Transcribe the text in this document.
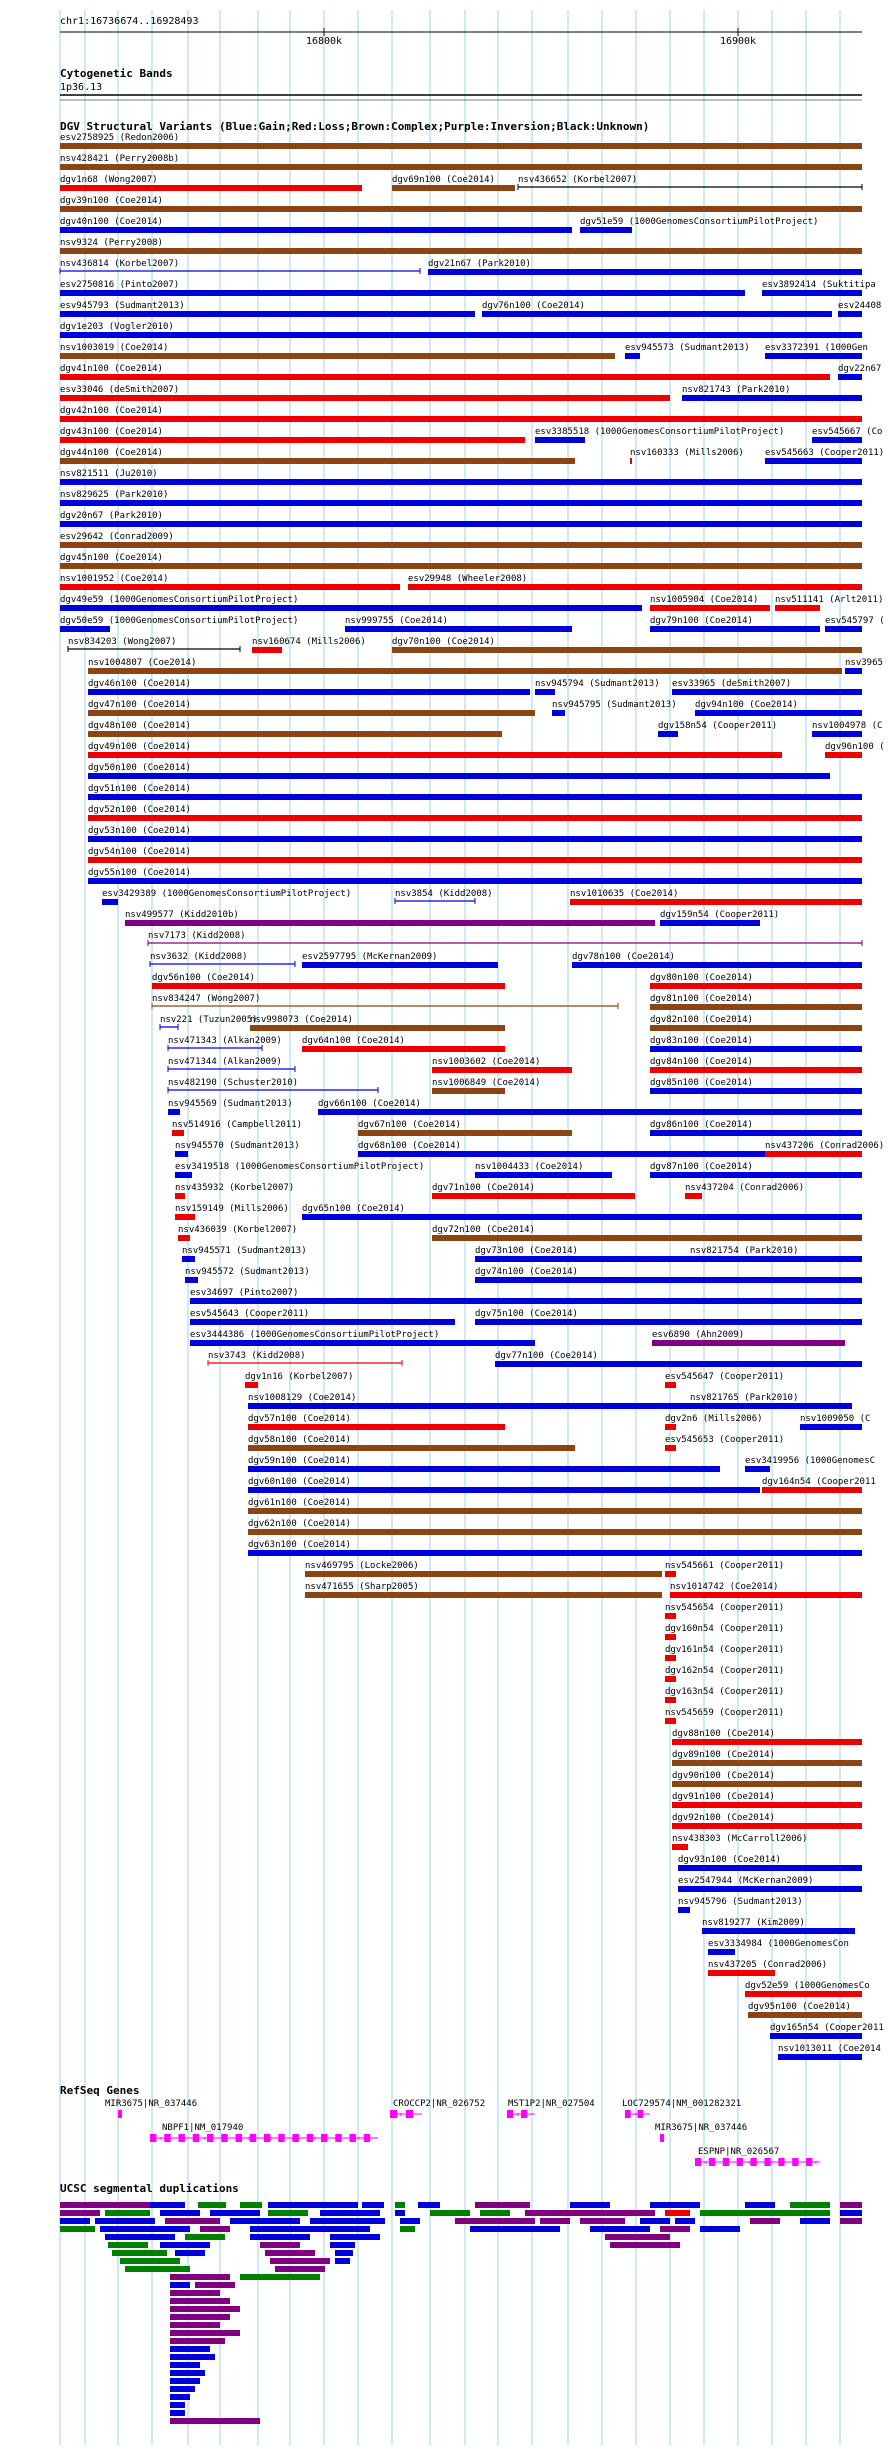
chr1:16736674..16928493
16800k	16900k
Cytogenetic Bands
1p36.13
DGV Structural Variants (Blue:Gain;Red:Loss;Brown:Complex;Purple:Inversion;Black:Unknown)
esv2758925 (Redon2006)
nsv428421 (Perry2008b)
dgv1n68 (Wong2007)	dgv69n100 (Coe2014)	nsv436652 (Korbel2007)
dgv39n100 (Coe2014)
dgv40n100 (Coe2014)	dgv51e59 (1000GenomesConsortiumPilotProject)
nsv9324 (Perry2008)
nsv436814 (Korbel2007)	dgv21n67 (Park2010)
esv2750816 (Pinto2007)	esv3892414 (Suktitipa
esv945793 (Sudmant2013)	dgv76n100 (Coe2014)	esv24408
dgv1e203 (Vogler2010)
nsv1003019 (Coe2014)	esv945573 (Sudmant2013) esv3372391 (1000Gen
dgv41n100 (Coe2014)	dgv22n67
esv33046 (deSmith2007)	nsv821743 (Park2010)
dgv42n100 (Coe2014)
dgv43n100 (Coe2014)	esv3385518 (1000GenomesConsortiumPilotProject)	esv545667 (Co
dgv44n100 (Coe2014)	nsv160333 (Mills2006) esv545663 (Cooper2011)
nsv821511 (Ju2010)
nsv829625 (Park2010)
dgv20n67 (Park2010)
esv29642 (Conrad2009)
dgv45n100 (Coe2014)
nsv1001952 (Coe2014)	esv29948 (Wheeler2008)
dgv49e59 (1000GenomesConsortiumPilotProject)	nsv1005904 (Coe2014) nsv511141 (Arlt2011)
dgv50e59 (1000GenomesConsortiumPilotProject)	nsv999755 (Coe2014)	dgv79n100 (Coe2014)	esv545797 (
nsv834203 (Wong2007)	nsv160674 (Mills2006)	dgv70n100 (Coe2014)
nsv1004807 (Coe2014)	nsv3965
dgv46n100 (Coe2014)	nsv945794 (Sudmant2013) esv33965 (deSmith2007)
dgv47n100 (Coe2014)	nsv945795 (Sudmant2013) dgv94n100 (Coe2014)
dgv48n100 (Coe2014)	dgv158n54 (Cooper2011)	nsv1004978 (C
dgv49n100 (Coe2014)	dgv96n100 (
dgv50n100 (Coe2014)
dgv51n100 (Coe2014)
dgv52n100 (Coe2014)
dgv53n100 (Coe2014)
dgv54n100 (Coe2014)
dgv55n100 (Coe2014)
esv3429389 (1000GenomesConsortiumPilotProject)	nsv3854 (Kidd2008)	nsv1010635 (Coe2014)
nsv499577 (Kidd2010b)	dgv159n54 (Cooper2011)
nsv7173 (Kidd2008)
nsv3632 (Kidd2008)	esv2597795 (McKernan2009)	dgv78n100 (Coe2014)
dgv56n100 (Coe2014)	dgv80n100 (Coe2014)
nsv834247 (Wong2007)	dgv81n100 (Coe2014)
nsv221 (Tuzun2005)
nsv998073 (Coe2014)	dgv82n100 (Coe2014)
nsv471343 (Alkan2009) dgv64n100 (Coe2014)	dgv83n100 (Coe2014)
nsv471344 (Alkan2009)	nsv1003602 (Coe2014)	dgv84n100 (Coe2014)
nsv482190 (Schuster2010)	nsv1006849 (Coe2014)	dgv85n100 (Coe2014)
nsv945569 (Sudmant2013)	dgv66n100 (Coe2014)
nsv514916 (Campbell2011)	dgv67n100 (Coe2014)	dgv86n100 (Coe2014)
nsv945570 (Sudmant2013)	dgv68n100 (Coe2014)	nsv437206 (Conrad2006)
esv3419518 (1000GenomesConsortiumPilotProject)	nsv1004433 (Coe2014)	dgv87n100 (Coe2014)
nsv435932 (Korbel2007)	dgv71n100 (Coe2014)	nsv437204 (Conrad2006)
nsv159149 (Mills2006) dgv65n100 (Coe2014)
nsv436039 (Korbel2007)	dgv72n100 (Coe2014)
nsv945571 (Sudmant2013)	dgv73n100 (Coe2014)	nsv821754 (Park2010)
nsv945572 (Sudmant2013)	dgv74n100 (Coe2014)
esv34697 (Pinto2007)
esv545643 (Cooper2011)	dgv75n100 (Coe2014)
esv3444386 (1000GenomesConsortiumPilotProject)	esv6890 (Ahn2009)
nsv3743 (Kidd2008)	dgv77n100 (Coe2014)
dgv1n16 (Korbel2007)	esv545647 (Cooper2011)
nsv1008129 (Coe2014)	nsv821765 (Park2010)
dgv57n100 (Coe2014)	dgv2n6 (Mills2006)	nsv1009050 (C
dgv58n100 (Coe2014)	esv545653 (Cooper2011)
dgv59n100 (Coe2014)	esv3419956 (1000GenomesC
dgv60n100 (Coe2014)	dgv164n54 (Cooper2011
dgv61n100 (Coe2014)
dgv62n100 (Coe2014)
dgv63n100 (Coe2014)
nsv469795 (Locke2006)	nsv545661 (Cooper2011)
nsv471655 (Sharp2005)	nsv1014742 (Coe2014)
nsv545654 (Cooper2011)
dgv160n54 (Cooper2011)
dgv161n54 (Cooper2011)
dgv162n54 (Cooper2011)
dgv163n54 (Cooper2011)
nsv545659 (Cooper2011)
dgv88n100 (Coe2014)
dgv89n100 (Coe2014)
dgv90n100 (Coe2014)
dgv91n100 (Coe2014)
dgv92n100 (Coe2014)
nsv438303 (McCarroll2006)
dgv93n100 (Coe2014)
esv2547944 (McKernan2009)
nsv945796 (Sudmant2013)
nsv819277 (Kim2009)
esv3334984 (1000GenomesCon
nsv437205 (Conrad2006)
dgv52e59 (1000GenomesCo
dgv95n100 (Coe2014)
dgv165n54 (Cooper2011
nsv1013011 (Coe2014
RefSeq Genes
MIR3675|NR_037446	CROCCP2|NR_026752
‹
MST1P2|NR_027504
‹
LOC729574|NM_001282321
‹
NBPF1|NM_017940
‹ ‹ ‹ ‹ ‹ ‹ ‹ ‹ ‹ ‹
MIR3675|NR_037446
ESPNP|NR_026567
‹ ‹ ‹ ‹ ‹ ‹
UCSC segmental duplications
